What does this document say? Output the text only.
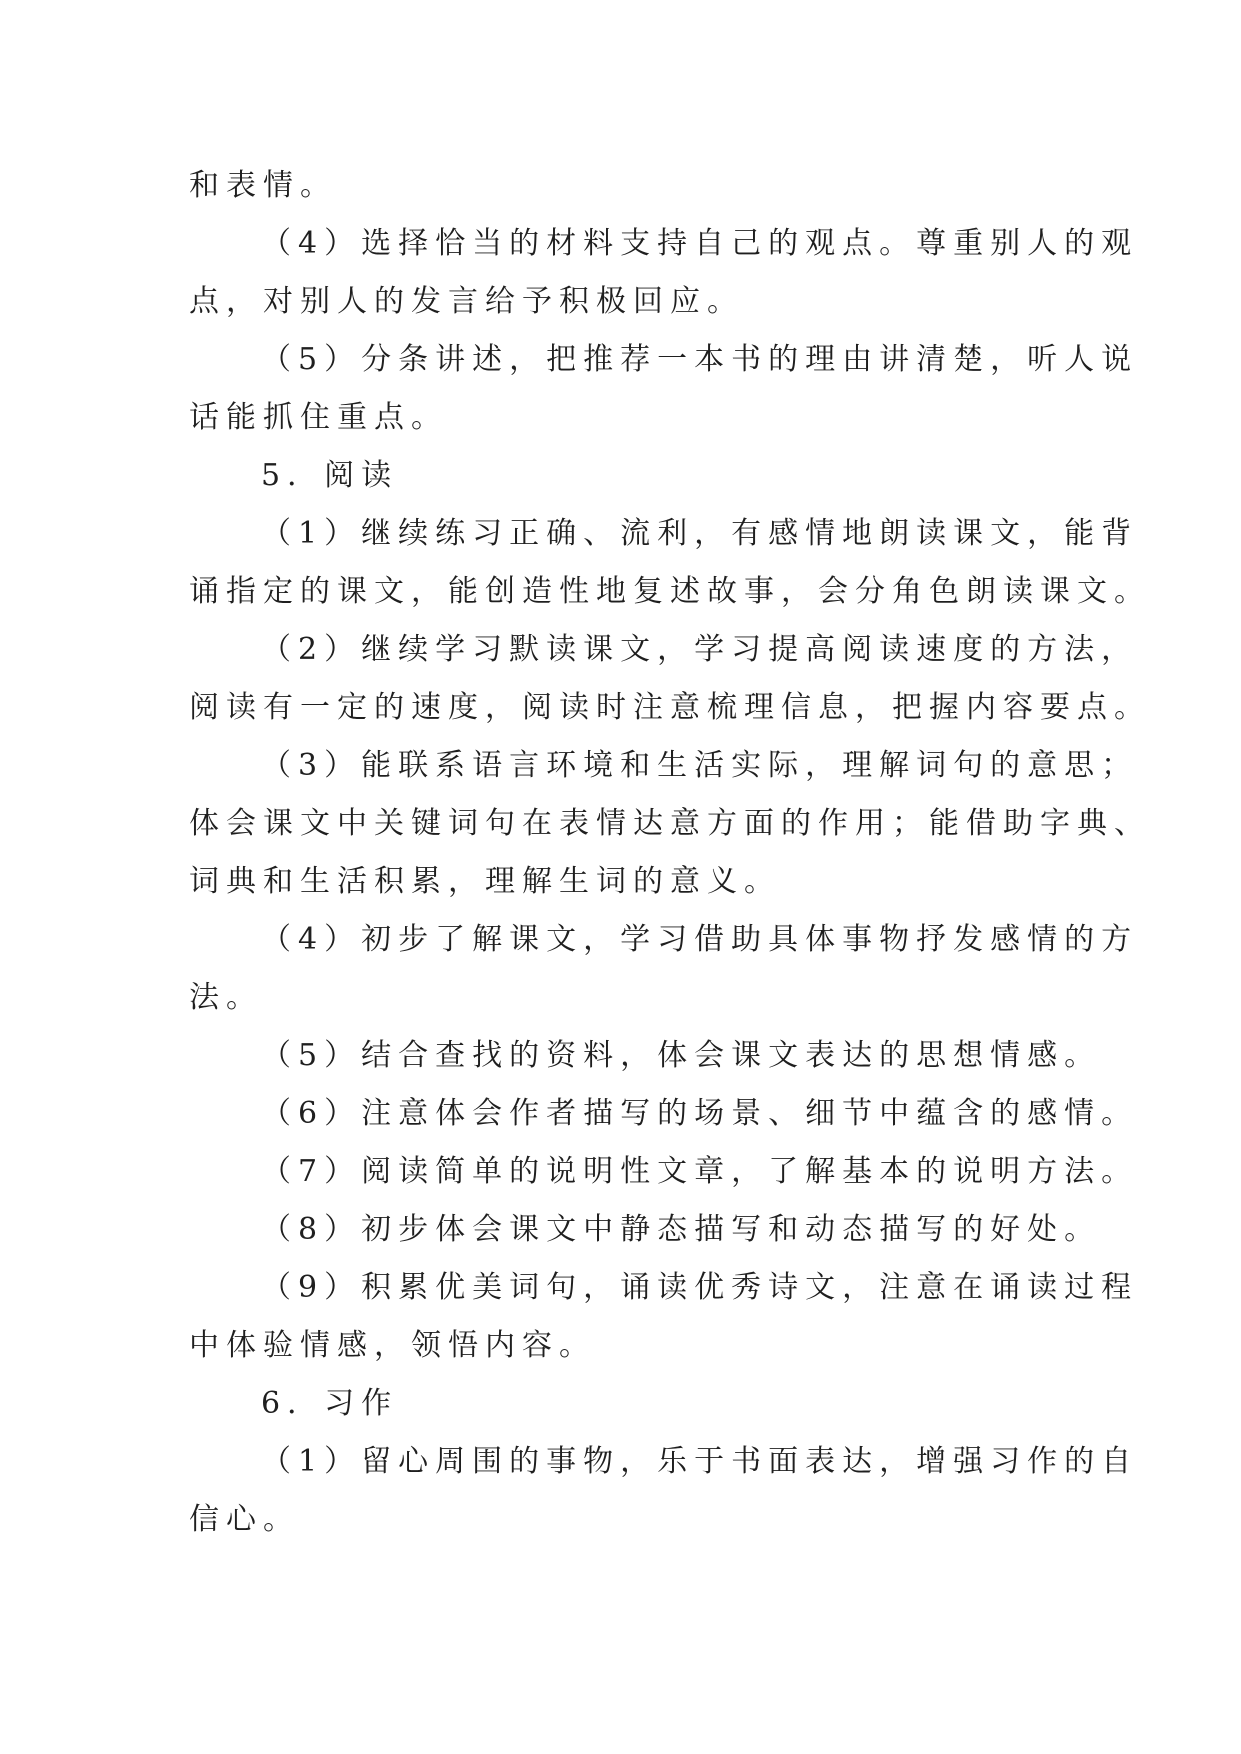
和表情。

（4）选择恰当的材料支持自己的观点。尊重别人的观

点，对别人的发言给予积极回应。

（5）分条讲述，把推荐一本书的理由讲清楚，听人说

话能抓住重点。

5．阅读

（1）继续练习正确、流利，有感情地朗读课文，能背

诵指定的课文，能创造性地复述故事，会分角色朗读课文。

（2）继续学习默读课文，学习提高阅读速度的方法，

阅读有一定的速度，阅读时注意梳理信息，把握内容要点。

（3）能联系语言环境和生活实际，理解词句的意思；

体会课文中关键词句在表情达意方面的作用；能借助字典、

词典和生活积累，理解生词的意义。

（4）初步了解课文，学习借助具体事物抒发感情的方

法。

（5）结合查找的资料，体会课文表达的思想情感。

（6）注意体会作者描写的场景、细节中蕴含的感情。

（7）阅读简单的说明性文章，了解基本的说明方法。

（8）初步体会课文中静态描写和动态描写的好处。

（9）积累优美词句，诵读优秀诗文，注意在诵读过程

中体验情感，领悟内容。

6．习作

（1）留心周围的事物，乐于书面表达，增强习作的自

信心。
